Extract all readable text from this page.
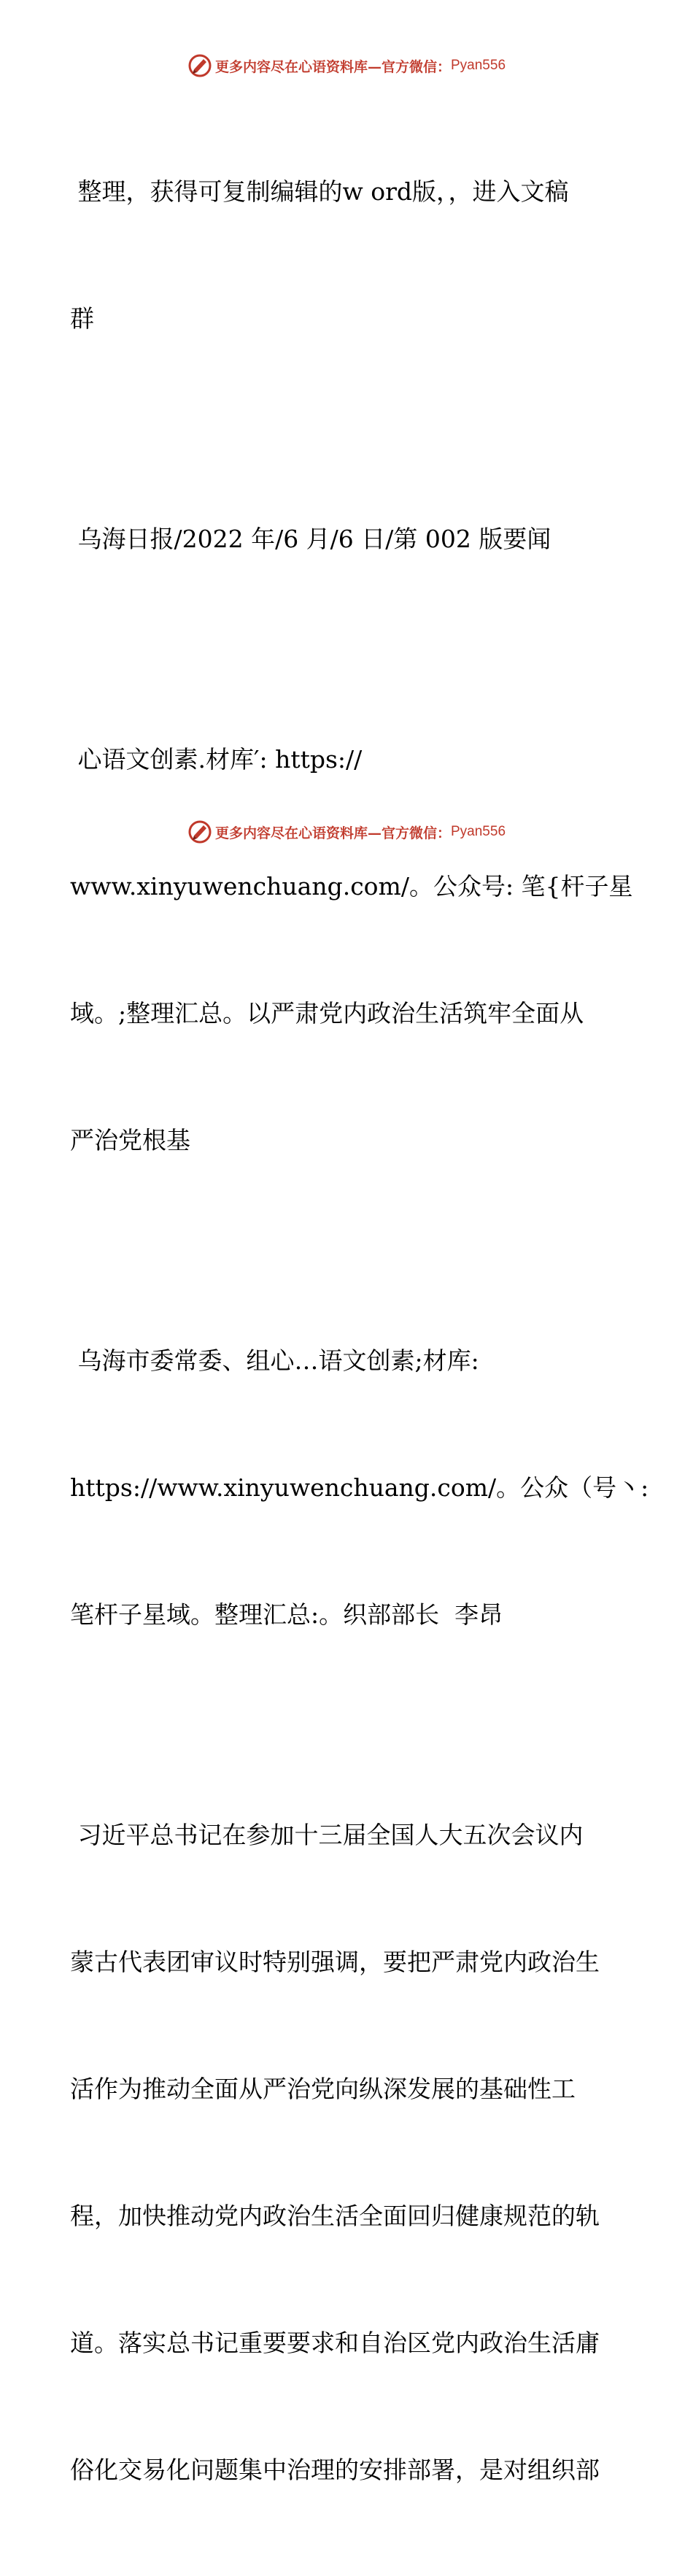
更多内容尽在心语资料库—官方微信： Pyan556

整理，获得可复制编辑的w ord版，，进入文稿

群

乌海日报/2022 年/6 月/6 日/第 002 版要闻

心语文创素.材库′: https://

www.xinyuwenchuang.com/。公众号: 笔{杆子星

域。;整理汇总。以严肃党内政治生活筑牢全面从

严治党根基

乌海市委常委、组心…语文创素;材库:

https://www.xinyuwenchuang.com/。公众（号丶:

笔杆子星域。整理汇总:。织部部长  李昂

习近平总书记在参加十三届全国人大五次会议内

蒙古代表团审议时特别强调，要把严肃党内政治生

活作为推动全面从严治党向纵深发展的基础性工

程，加快推动党内政治生活全面回归健康规范的轨

道。落实总书记重要要求和自治区党内政治生活庸

俗化交易化问题集中治理的安排部署，是对组织部

更多内容尽在心语资料库—官方微信： Pyan556
